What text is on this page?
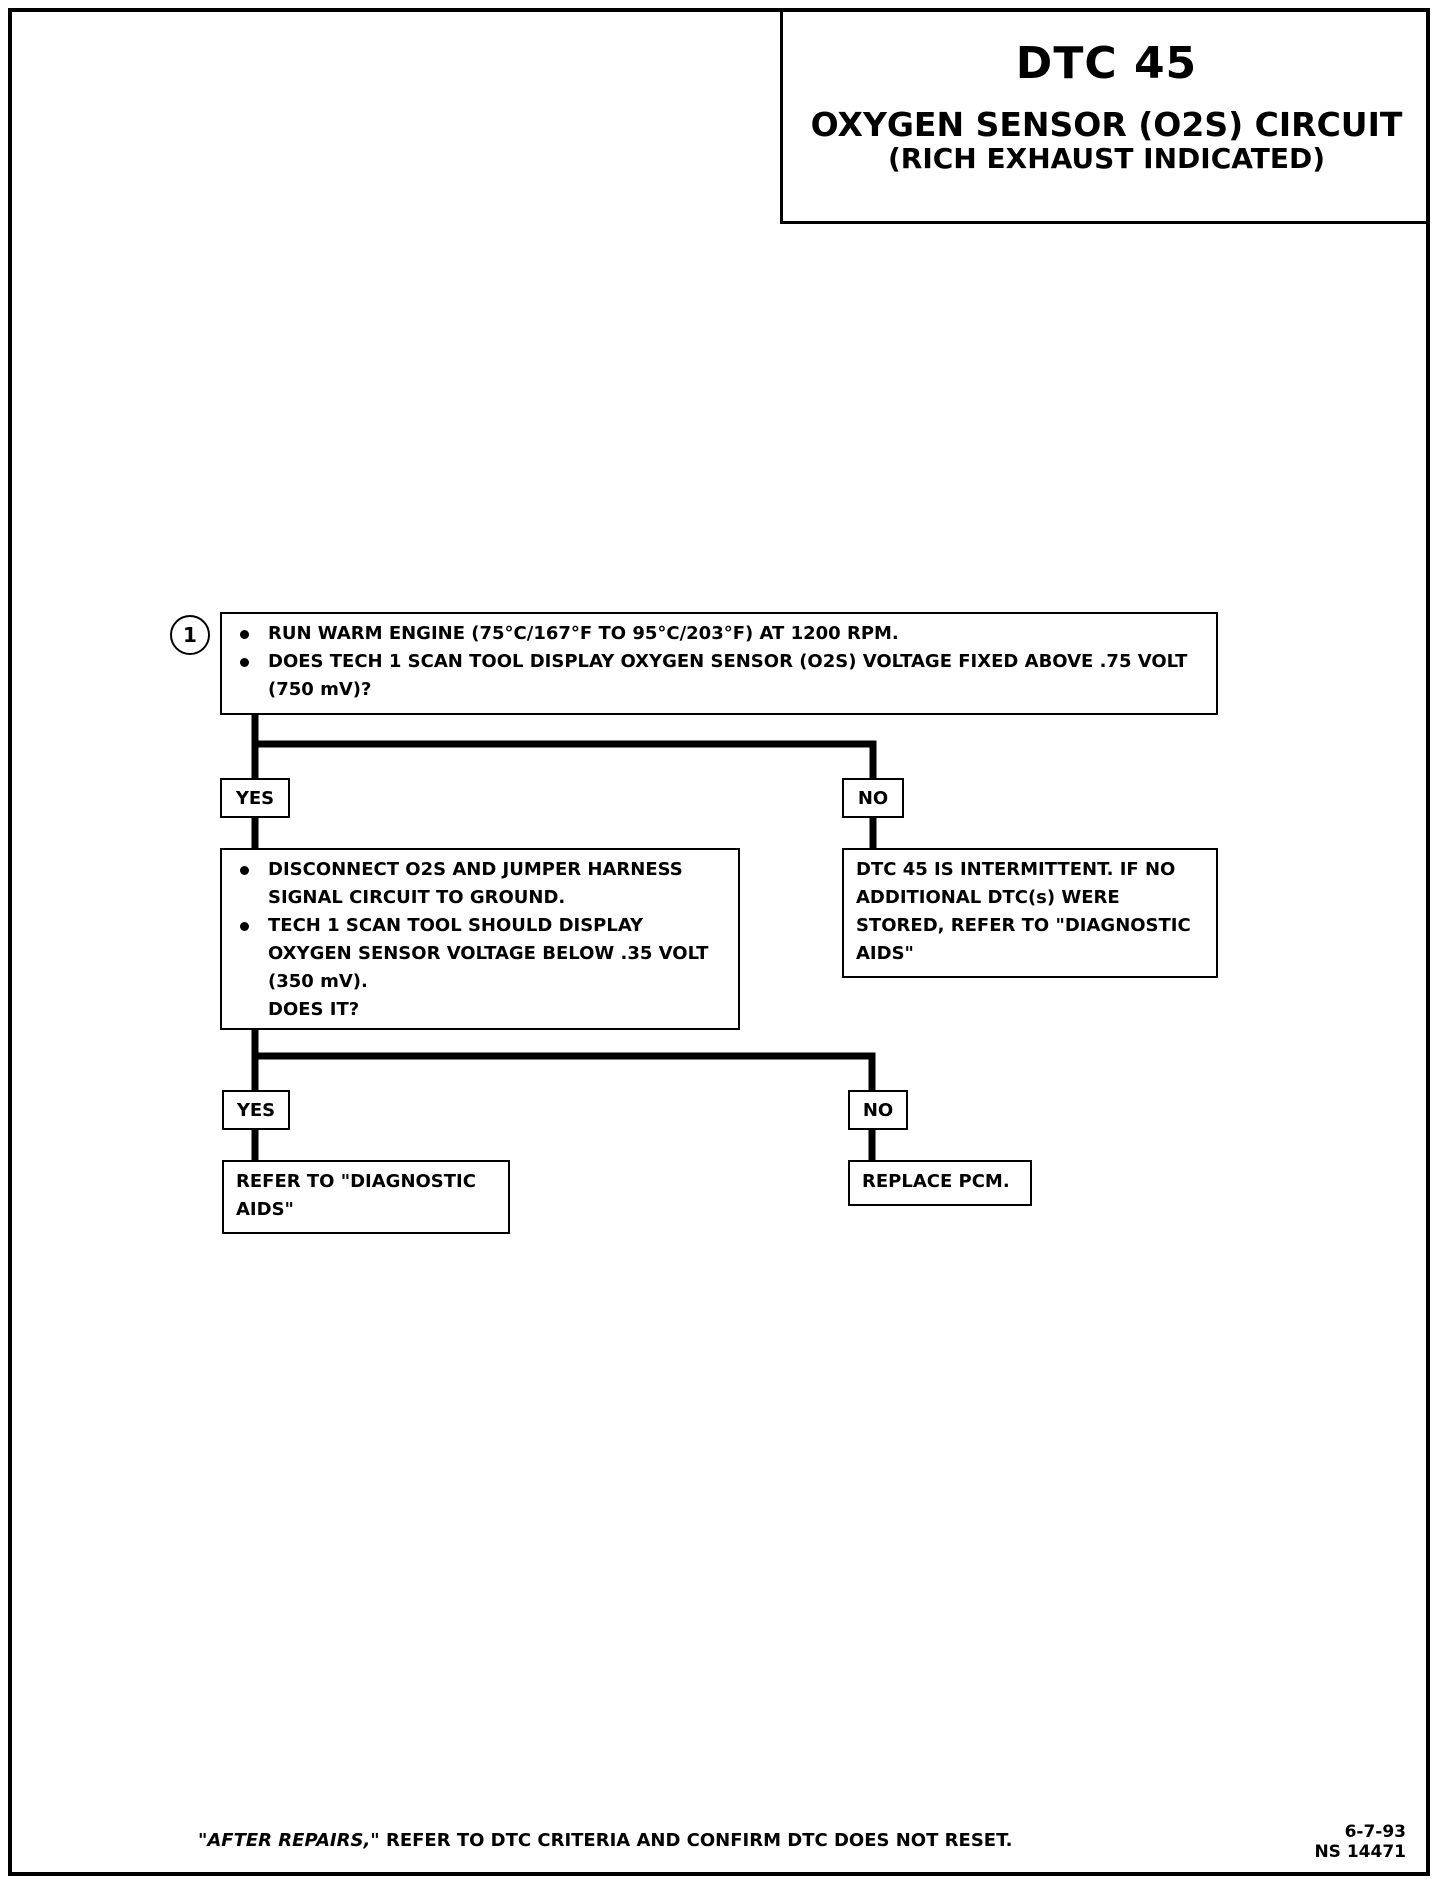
DTC 45
OXYGEN SENSOR (O2S) CIRCUIT
(RICH EXHAUST INDICATED)
1	RUN WARM ENGINE (75°C/167°F TO 95°C/203°F) AT 1200 RPM.
DOES TECH 1 SCAN TOOL DISPLAY OXYGEN SENSOR (O2S) VOLTAGE FIXED ABOVE .75 VOLT (750 mV)?
YES	NO
DISCONNECT O2S AND JUMPER HARNESS SIGNAL CIRCUIT TO GROUND.
TECH 1 SCAN TOOL SHOULD DISPLAY OXYGEN SENSOR VOLTAGE BELOW .35 VOLT (350 mV).
DOES IT?
DTC 45 IS INTERMITTENT. IF NO ADDITIONAL DTC(s) WERE STORED, REFER TO "DIAGNOSTIC AIDS"
YES	NO
REFER TO "DIAGNOSTIC AIDS"
REPLACE PCM.
"AFTER REPAIRS," REFER TO DTC CRITERIA AND CONFIRM DTC DOES NOT RESET.	6-7-93
NS 14471
